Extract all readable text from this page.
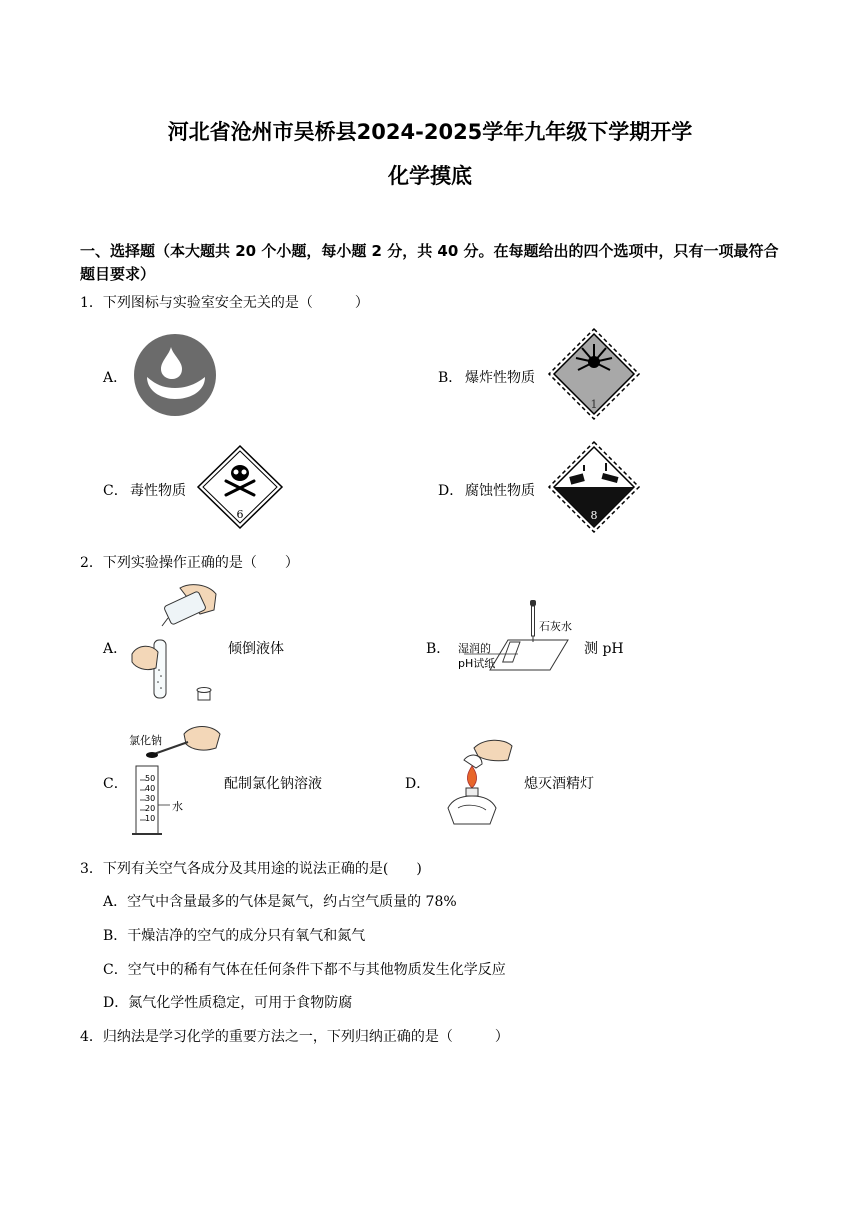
河北省沧州市吴桥县2024-2025学年九年级下学期开学
化学摸底
一、选择题（本大题共 20 个小题，每小题 2 分，共 40 分。在每题给出的四个选项中，只有一项最符合题目要求）
1．下列图标与实验室安全无关的是（　　　）
A．	B． 爆炸性物质
1
C． 毒性物质
6
D． 腐蚀性物质
8
2．下列实验操作正确的是（　　）
A．	倾倒液体	B．
石灰水
湿润的
pH试纸
测 pH
C．
氯化钠
水
50
40
30
20
10
配制氯化钠溶液	D．	熄灭酒精灯
3．下列有关空气各成分及其用途的说法正确的是(　　)
A．空气中含量最多的气体是氮气，约占空气质量的 78%
B．干燥洁净的空气的成分只有氧气和氮气
C．空气中的稀有气体在任何条件下都不与其他物质发生化学反应
D．氮气化学性质稳定，可用于食物防腐
4．归纳法是学习化学的重要方法之一，下列归纳正确的是（　　　）
